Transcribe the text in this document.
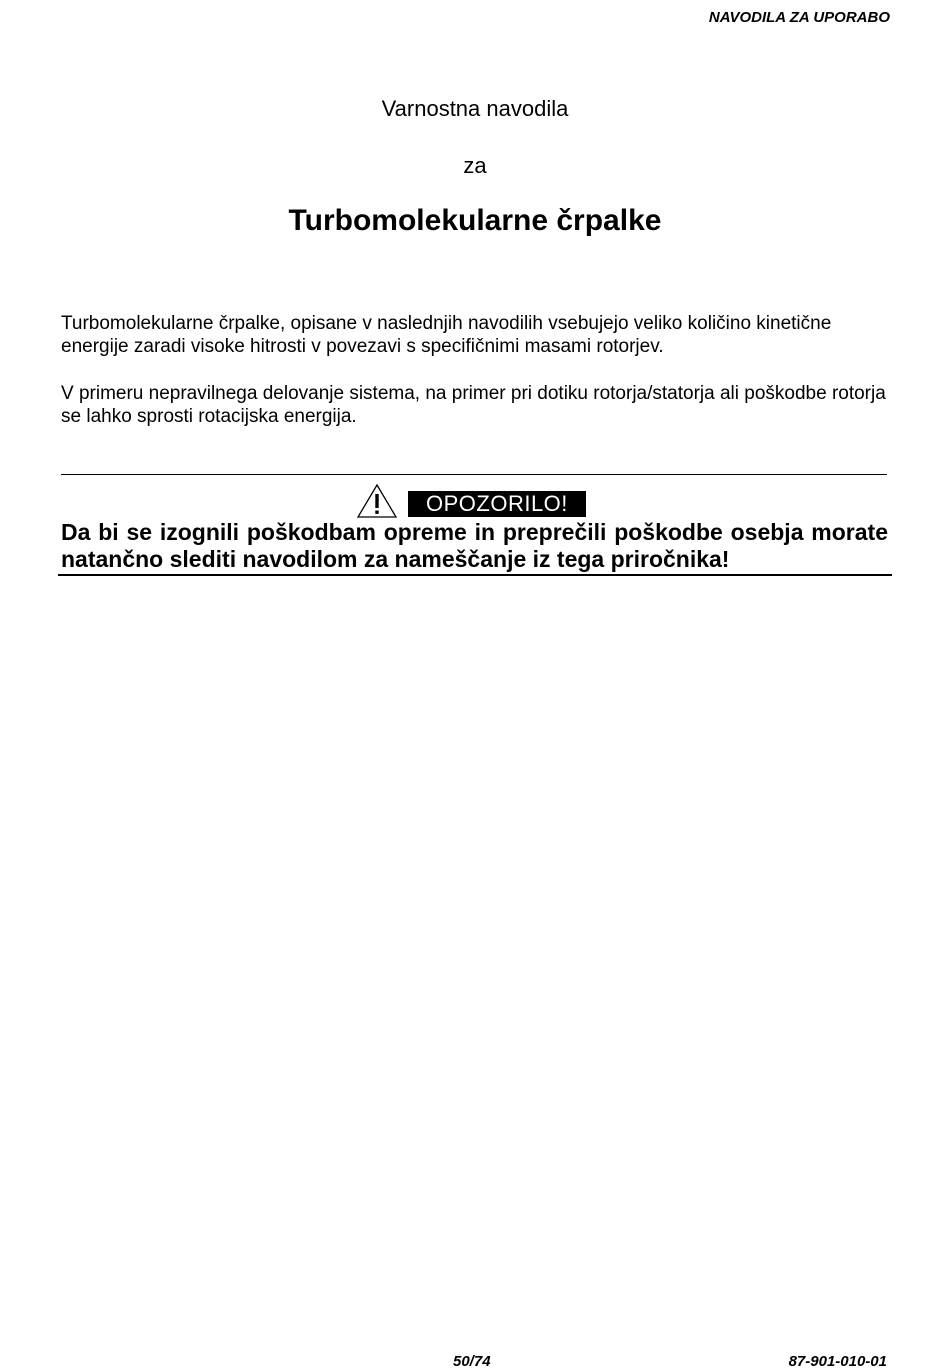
NAVODILA ZA UPORABO
Varnostna navodila
za
Turbomolekularne črpalke
Turbomolekularne črpalke, opisane v naslednjih navodilih vsebujejo veliko količino kinetične energije zaradi visoke hitrosti v povezavi s specifičnimi masami rotorjev.
V primeru nepravilnega delovanje sistema, na primer pri dotiku rotorja/statorja ali poškodbe rotorja se lahko sprosti rotacijska energija.
OPOZORILO!
Da bi se izognili poškodbam opreme in preprečili poškodbe osebja morate natančno slediti navodilom za nameščanje iz tega priročnika!
50/74	87-901-010-01
